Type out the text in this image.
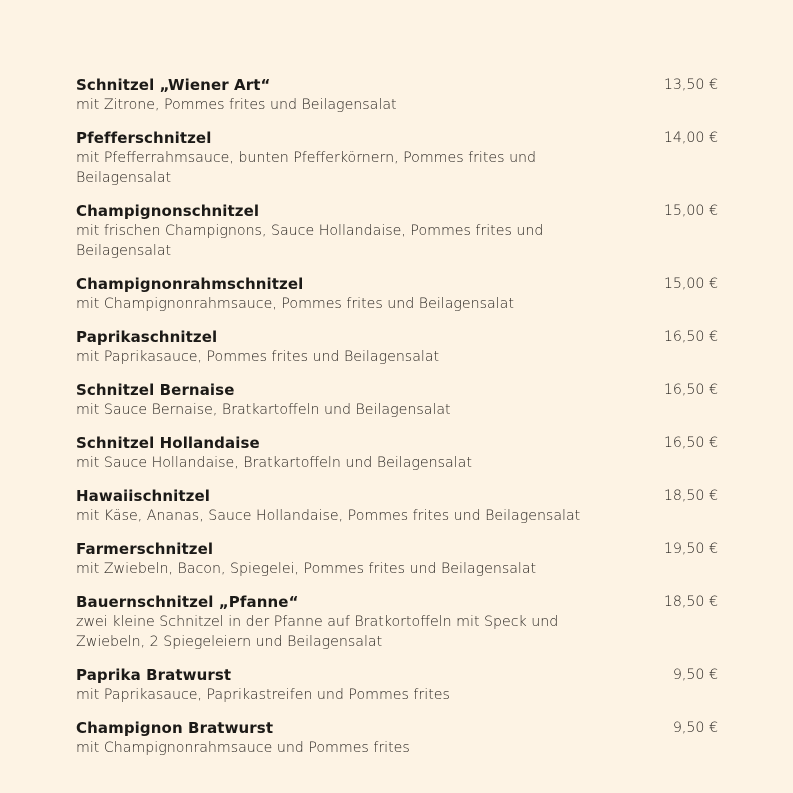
Schnitzel „Wiener Art“
mit Zitrone, Pommes frites und Beilagensalat
13,50 €
Pfefferschnitzel
mit Pfefferrahmsauce, bunten Pfefferkörnern, Pommes frites und Beilagensalat
14,00 €
Champignonschnitzel
mit frischen Champignons, Sauce Hollandaise, Pommes frites und Beilagensalat
15,00 €
Champignonrahmschnitzel
mit Champignonrahmsauce, Pommes frites und Beilagensalat
15,00 €
Paprikaschnitzel
mit Paprikasauce, Pommes frites und Beilagensalat
16,50 €
Schnitzel Bernaise
mit Sauce Bernaise, Bratkartoffeln und Beilagensalat
16,50 €
Schnitzel Hollandaise
mit Sauce Hollandaise, Bratkartoffeln und Beilagensalat
16,50 €
Hawaiischnitzel
mit Käse, Ananas, Sauce Hollandaise, Pommes frites und Beilagensalat
18,50 €
Farmerschnitzel
mit Zwiebeln, Bacon, Spiegelei, Pommes frites und Beilagensalat
19,50 €
Bauernschnitzel „Pfanne“
zwei kleine Schnitzel in der Pfanne auf Bratkortoffeln mit Speck und Zwiebeln, 2 Spiegeleiern und Beilagensalat
18,50 €
Paprika Bratwurst
mit Paprikasauce, Paprikastreifen und Pommes frites
9,50 €
Champignon Bratwurst
mit Champignonrahmsauce und Pommes frites
9,50 €
